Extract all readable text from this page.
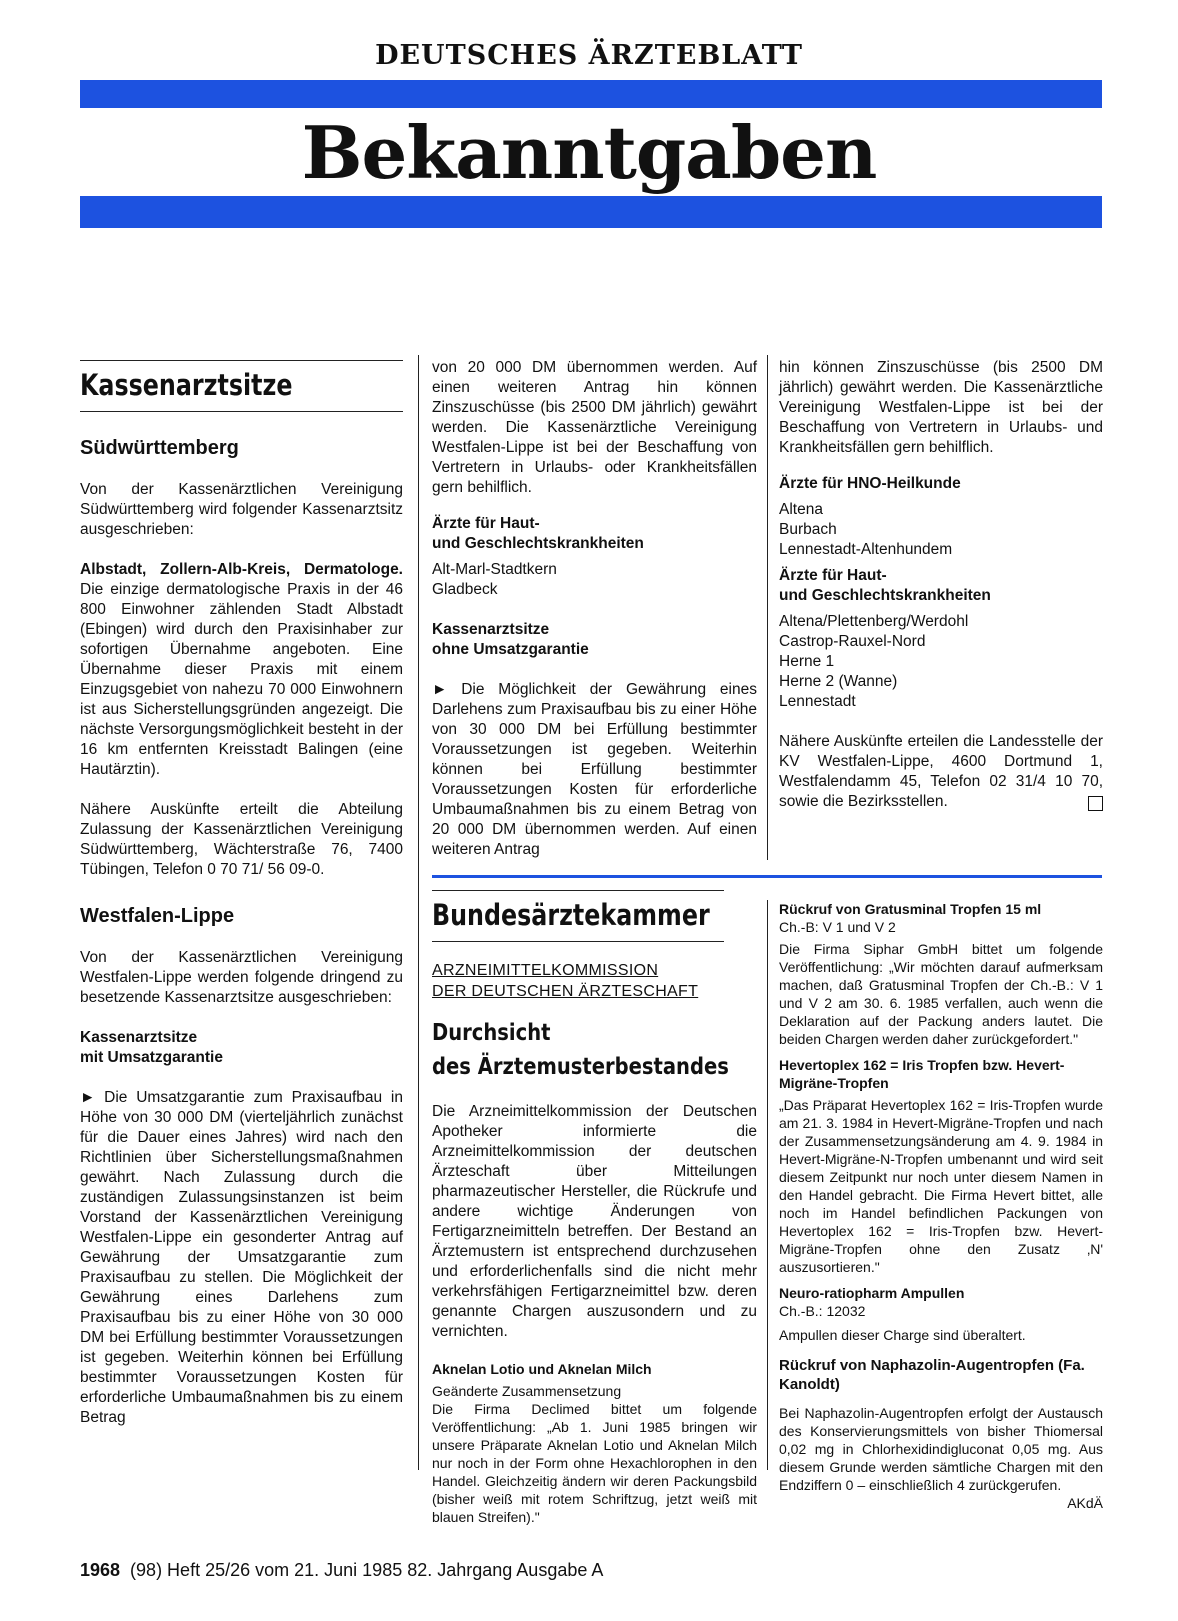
DEUTSCHES ÄRZTEBLATT
Bekanntgaben
Kassenarztsitze
Südwürttemberg

Von der Kassenärztlichen Vereinigung Südwürttemberg wird folgender Kassenarztsitz ausgeschrieben:

Albstadt, Zollern-Alb-Kreis, Dermatologe. Die einzige dermatologische Praxis in der 46 800 Einwohner zählenden Stadt Albstadt (Ebingen) wird durch den Praxisinhaber zur sofortigen Übernahme angeboten. Eine Übernahme dieser Praxis mit einem Einzugsgebiet von nahezu 70 000 Einwohnern ist aus Sicherstellungsgründen angezeigt. Die nächste Versorgungsmöglichkeit besteht in der 16 km entfernten Kreisstadt Balingen (eine Hautärztin).

Nähere Auskünfte erteilt die Abteilung Zulassung der Kassenärztlichen Vereinigung Südwürttemberg, Wächterstraße 76, 7400 Tübingen, Telefon 0 70 71/ 56 09-0.

Westfalen-Lippe

Von der Kassenärztlichen Vereinigung Westfalen-Lippe werden folgende dringend zu besetzende Kassenarztsitze ausgeschrieben:

Kassenarztsitze
mit Umsatzgarantie

► Die Umsatzgarantie zum Praxisaufbau in Höhe von 30 000 DM (vierteljährlich zunächst für die Dauer eines Jahres) wird nach den Richtlinien über Sicherstellungsmaßnahmen gewährt. Nach Zulassung durch die zuständigen Zulassungsinstanzen ist beim Vorstand der Kassenärztlichen Vereinigung Westfalen-Lippe ein gesonderter Antrag auf Gewährung der Umsatzgarantie zum Praxisaufbau zu stellen. Die Möglichkeit der Gewährung eines Darlehens zum Praxisaufbau bis zu einer Höhe von 30 000 DM bei Erfüllung bestimmter Voraussetzungen ist gegeben. Weiterhin können bei Erfüllung bestimmter Voraussetzungen Kosten für erforderliche Umbaumaßnahmen bis zu einem Betrag

von 20 000 DM übernommen werden. Auf einen weiteren Antrag hin können Zinszuschüsse (bis 2500 DM jährlich) gewährt werden. Die Kassenärztliche Vereinigung Westfalen-Lippe ist bei der Beschaffung von Vertretern in Urlaubs- oder Krankheitsfällen gern behilflich.

Ärzte für Haut-
und Geschlechtskrankheiten
Alt-Marl-Stadtkern
Gladbeck
Kassenarztsitze
ohne Umsatzgarantie

► Die Möglichkeit der Gewährung eines Darlehens zum Praxisaufbau bis zu einer Höhe von 30 000 DM bei Erfüllung bestimmter Voraussetzungen ist gegeben. Weiterhin können bei Erfüllung bestimmter Voraussetzungen Kosten für erforderliche Umbaumaßnahmen bis zu einem Betrag von 20 000 DM übernommen werden. Auf einen weiteren Antrag

hin können Zinszuschüsse (bis 2500 DM jährlich) gewährt werden. Die Kassenärztliche Vereinigung Westfalen-Lippe ist bei der Beschaffung von Vertretern in Urlaubs- und Krankheitsfällen gern behilflich.

Ärzte für HNO-Heilkunde
Altena
Burbach
Lennestadt-Altenhundem
Ärzte für Haut-
und Geschlechtskrankheiten
Altena/Plettenberg/Werdohl
Castrop-Rauxel-Nord
Herne 1
Herne 2 (Wanne)
Lennestadt

Nähere Auskünfte erteilen die Landesstelle der KV Westfalen-Lippe, 4600 Dortmund 1, Westfalendamm 45, Telefon 02 31/4 10 70, sowie die Bezirksstellen.

Bundesärztekammer
ARZNEIMITTELKOMMISSION
DER DEUTSCHEN ÄRZTESCHAFT
Durchsicht
des Ärztemusterbestandes

Die Arzneimittelkommission der Deutschen Apotheker informierte die Arzneimittelkommission der deutschen Ärzteschaft über Mitteilungen pharmazeutischer Hersteller, die Rückrufe und andere wichtige Änderungen von Fertigarzneimitteln betreffen. Der Bestand an Ärztemustern ist entsprechend durchzusehen und erforderlichenfalls sind die nicht mehr verkehrsfähigen Fertigarzneimittel bzw. deren genannte Chargen auszusondern und zu vernichten.

Aknelan Lotio und Aknelan Milch

Geänderte Zusammensetzung

Die Firma Declimed bittet um folgende Veröffentlichung: „Ab 1. Juni 1985 bringen wir unsere Präparate Aknelan Lotio und Aknelan Milch nur noch in der Form ohne Hexachlorophen in den Handel. Gleichzeitig ändern wir deren Packungsbild (bisher weiß mit rotem Schriftzug, jetzt weiß mit blauen Streifen)."

Rückruf von Gratusminal Tropfen 15 ml

Ch.-B: V 1 und V 2

Die Firma Siphar GmbH bittet um folgende Veröffentlichung: „Wir möchten darauf aufmerksam machen, daß Gratusminal Tropfen der Ch.-B.: V 1 und V 2 am 30. 6. 1985 verfallen, auch wenn die Deklaration auf der Packung anders lautet. Die beiden Chargen werden daher zurückgefordert."

Hevertoplex 162 = Iris Tropfen bzw. Hevert-Migräne-Tropfen

„Das Präparat Hevertoplex 162 = Iris-Tropfen wurde am 21. 3. 1984 in Hevert-Migräne-Tropfen und nach der Zusammensetzungsänderung am 4. 9. 1984 in Hevert-Migräne-N-Tropfen umbenannt und wird seit diesem Zeitpunkt nur noch unter diesem Namen in den Handel gebracht. Die Firma Hevert bittet, alle noch im Handel befindlichen Packungen von Hevertoplex 162 = Iris-Tropfen bzw. Hevert-Migräne-Tropfen ohne den Zusatz ‚N' auszusortieren."

Neuro-ratiopharm Ampullen

Ch.-B.: 12032

Ampullen dieser Charge sind überaltert.

Rückruf von Naphazolin-Augentropfen (Fa. Kanoldt)

Bei Naphazolin-Augentropfen erfolgt der Austausch des Konservierungsmittels von bisher Thiomersal 0,02 mg in Chlorhexidindigluconat 0,05 mg. Aus diesem Grunde werden sämtliche Chargen mit den Endziffern 0 – einschließlich 4 zurückgerufen.

AKdÄ

1968 (98) Heft 25/26 vom 21. Juni 1985 82. Jahrgang Ausgabe A
